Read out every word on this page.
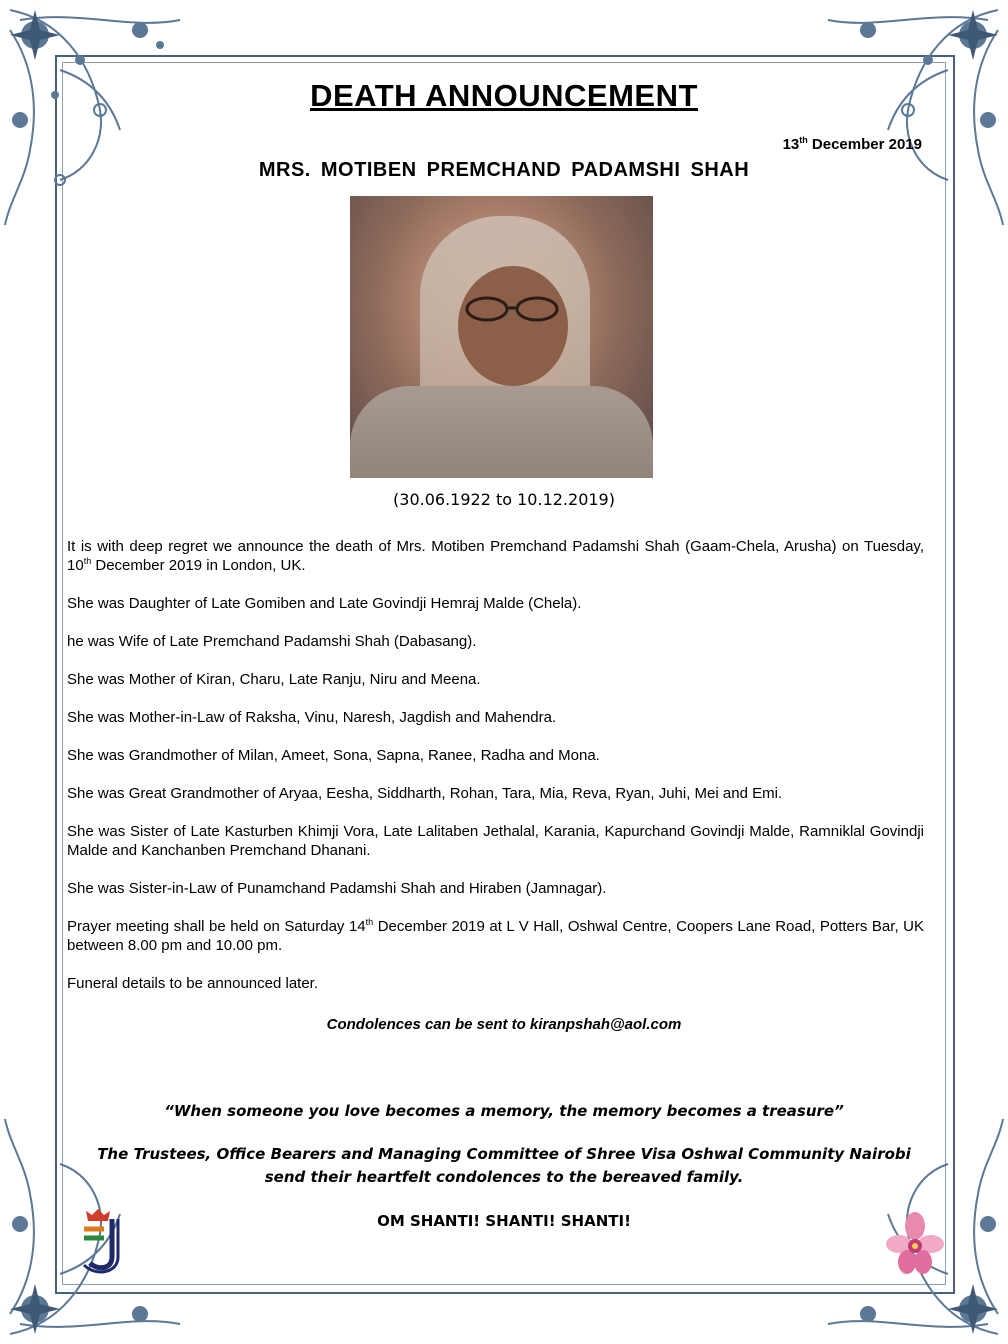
DEATH ANNOUNCEMENT
13th December 2019
MRS. MOTIBEN PREMCHAND PADAMSHI SHAH
(30.06.1922 to 10.12.2019)

It is with deep regret we announce the death of Mrs. Motiben Premchand Padamshi Shah (Gaam-Chela, Arusha) on Tuesday, 10th December 2019 in London, UK.

She was Daughter of Late Gomiben and Late Govindji Hemraj Malde (Chela).

he was Wife of Late Premchand Padamshi Shah (Dabasang).

She was Mother of Kiran, Charu, Late Ranju, Niru and Meena.

She was Mother-in-Law of Raksha, Vinu, Naresh, Jagdish and Mahendra.

She was Grandmother of Milan, Ameet, Sona, Sapna, Ranee, Radha and Mona.

She was Great Grandmother of Aryaa, Eesha, Siddharth, Rohan, Tara, Mia, Reva, Ryan, Juhi, Mei and Emi.

She was Sister of Late Kasturben Khimji Vora, Late Lalitaben Jethalal, Karania, Kapurchand Govindji Malde, Ramniklal Govindji Malde and Kanchanben Premchand Dhanani.

She was Sister-in-Law of Punamchand Padamshi Shah and Hiraben (Jamnagar).

Prayer meeting shall be held on Saturday 14th December 2019 at L V Hall, Oshwal Centre, Coopers Lane Road, Potters Bar, UK between 8.00 pm and 10.00 pm.

Funeral details to be announced later.

Condolences can be sent to kiranpshah@aol.com
“When someone you love becomes a memory, the memory becomes a treasure”
The Trustees, Office Bearers and Managing Committee of Shree Visa Oshwal Community Nairobi
send their heartfelt condolences to the bereaved family.
OM SHANTI! SHANTI! SHANTI!
